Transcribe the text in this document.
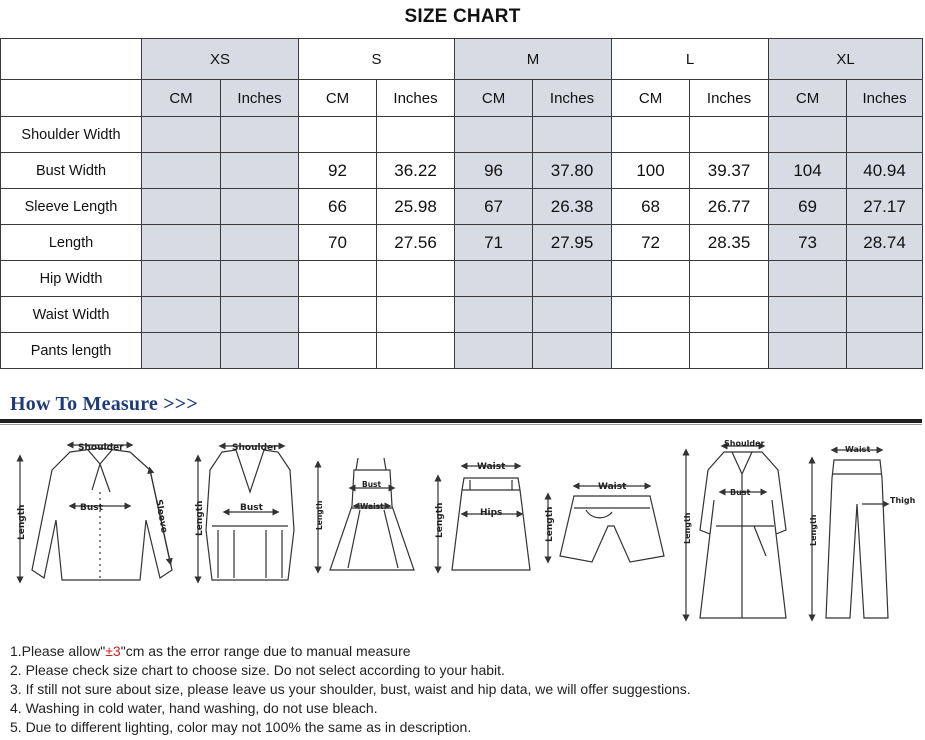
SIZE CHART
	XS		S		M		L		XL	
	CM	Inches	CM	Inches	CM	Inches	CM	Inches	CM	Inches
Shoulder Width										
Bust Width			92	36.22	96	37.80	100	39.37	104	40.94
Sleeve Length			66	25.98	67	26.38	68	26.77	69	27.17
Length			70	27.56	71	27.95	72	28.35	73	28.74
Hip Width										
Waist Width										
Pants length										
How To Measure >>>
Shoulder
Bust	Sleeve
Length
Shoulder
Bust
Length
Bust
Waist
Length
Waist
Hips
Length
Waist
Length
Shoulder
Bust
Length
Waist
Thigh
Length
1.Please allow"±3"cm as the error range due to manual measure
2. Please check size chart to choose size. Do not select according to your habit.
3. If still not sure about size, please leave us your shoulder, bust, waist and hip data, we will offer suggestions.
4. Washing in cold water, hand washing, do not use bleach.
5. Due to different lighting, color may not 100% the same as in description.
